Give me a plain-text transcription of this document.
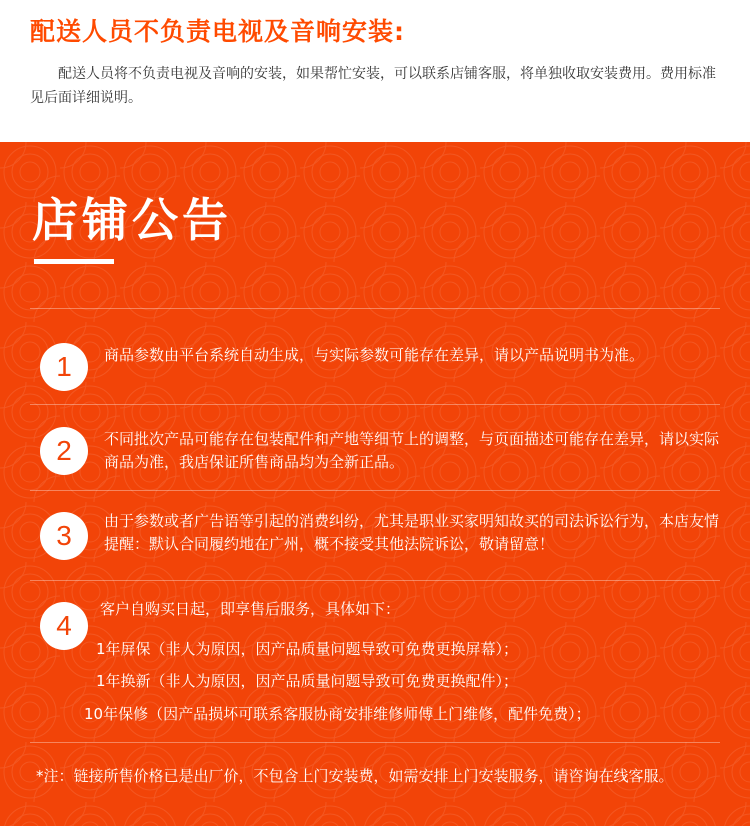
配送人员不负责电视及音响安装:
配送人员将不负责电视及音响的安装，如果帮忙安装，可以联系店铺客服，将单独收取安装费用。费用标准见后面详细说明。
店铺公告
1	商品参数由平台系统自动生成，与实际参数可能存在差异，请以产品说明书为准。
2	不同批次产品可能存在包装配件和产地等细节上的调整，与页面描述可能存在差异，请以实际商品为准，我店保证所售商品均为全新正品。
3	由于参数或者广告语等引起的消费纠纷，尤其是职业买家明知故买的司法诉讼行为，本店友情提醒：默认合同履约地在广州，概不接受其他法院诉讼，敬请留意！
4
客户自购买日起，即享售后服务，具体如下：
1年屏保（非人为原因，因产品质量问题导致可免费更换屏幕）；
1年换新（非人为原因，因产品质量问题导致可免费更换配件）；
10年保修（因产品损坏可联系客服协商安排维修师傅上门维修，配件免费）；
*注：链接所售价格已是出厂价，不包含上门安装费，如需安排上门安装服务，请咨询在线客服。
